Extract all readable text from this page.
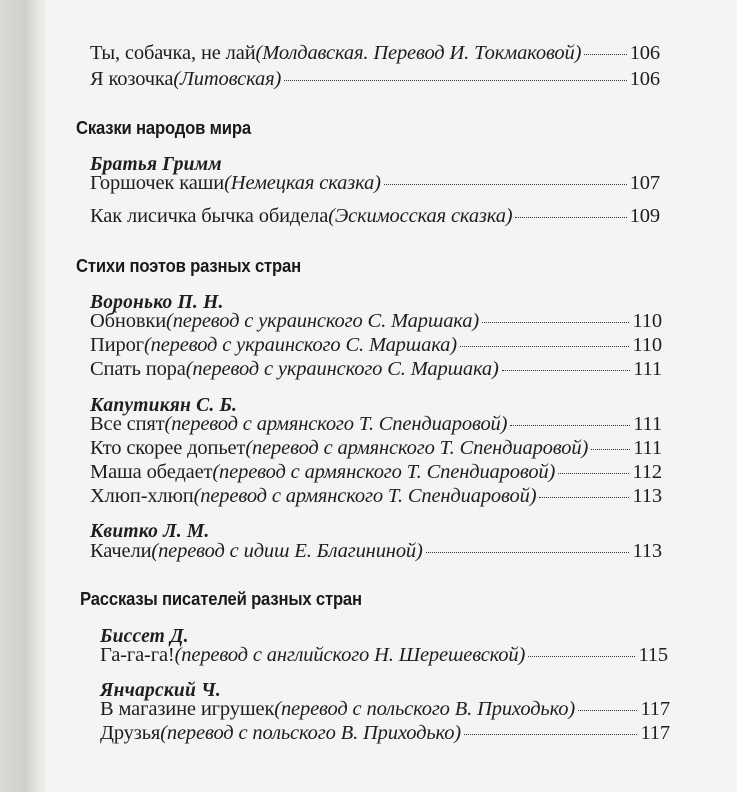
Ты, собачка, не лай (Молдавская. Перевод И. Токмаковой) 106
Я козочка (Литовская)	106
Сказки народов мира
Братья Гримм
Горшочек каши (Немецкая сказка)	107
Как лисичка бычка обидела (Эскимосская сказка)	109
Стихи поэтов разных стран
Воронько П. Н.
Обновки (перевод с украинского С. Маршака)	110
Пирог (перевод с украинского С. Маршака)	110
Спать пора (перевод с украинского С. Маршака)	111
Капутикян С. Б.
Все спят (перевод с армянского Т. Спендиаровой)	111
Кто скорее допьет (перевод с армянского Т. Спендиаровой) 111
Маша обедает (перевод с армянского Т. Спендиаровой)	112
Хлюп-хлюп (перевод с армянского Т. Спендиаровой)	113
Квитко Л. М.
Качели (перевод с идиш Е. Благининой)	113
Рассказы писателей разных стран
Биссет Д.
Га-га-га! (перевод с английского Н. Шерешевской)	115
Янчарский Ч.
В магазине игрушек (перевод с польского В. Приходько)	117
Друзья (перевод с польского В. Приходько)	117
